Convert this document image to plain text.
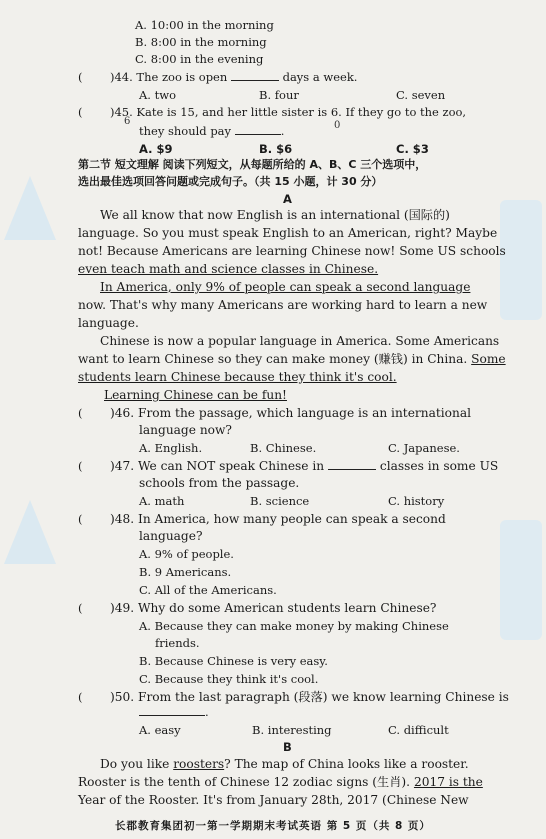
A. 10:00 in the morning
B. 8:00 in the morning
C. 8:00 in the evening
( )44. The zoo is open	days a week.
A. two	B. four	C. seven
( )45. Kate is 15, and her little sister is 6. If they go to the zoo,
6	0
they should pay	.
A. $9	B. $6	C. $3
第二节 短文理解 阅读下列短文，从每题所给的 A、B、C 三个选项中，
选出最佳选项回答问题或完成句子。（共 15 小题，计 30 分）
A
We all know that now English is an international (国际的)
language. So you must speak English to an American, right? Maybe
not! Because Americans are learning Chinese now! Some US schools
even teach math and science classes in Chinese.
In America, only 9% of people can speak a second language
now. That's why many Americans are working hard to learn a new
language.
Chinese is now a popular language in America. Some Americans
want to learn Chinese so they can make money (赚钱) in China. Some
students learn Chinese because they think it's cool.
Learning Chinese can be fun!
( )46. From the passage, which language is an international
language now?
A. English.	B. Chinese.	C. Japanese.
( )47. We can NOT speak Chinese in	classes in some US
schools from the passage.
A. math	B. science	C. history
( )48. In America, how many people can speak a second
language?
A. 9% of people.
B. 9 Americans.
C. All of the Americans.
( )49. Why do some American students learn Chinese?
A. Because they can make money by making Chinese
friends.
B. Because Chinese is very easy.
C. Because they think it's cool.
( )50. From the last paragraph (段落) we know learning Chinese is
.
A. easy	B. interesting	C. difficult
B
Do you like roosters? The map of China looks like a rooster.
Rooster is the tenth of Chinese 12 zodiac signs (生肖). 2017 is the
Year of the Rooster. It's from January 28th, 2017 (Chinese New
长郡教育集团初一第一学期期末考试英语 第 5 页（共 8 页）
